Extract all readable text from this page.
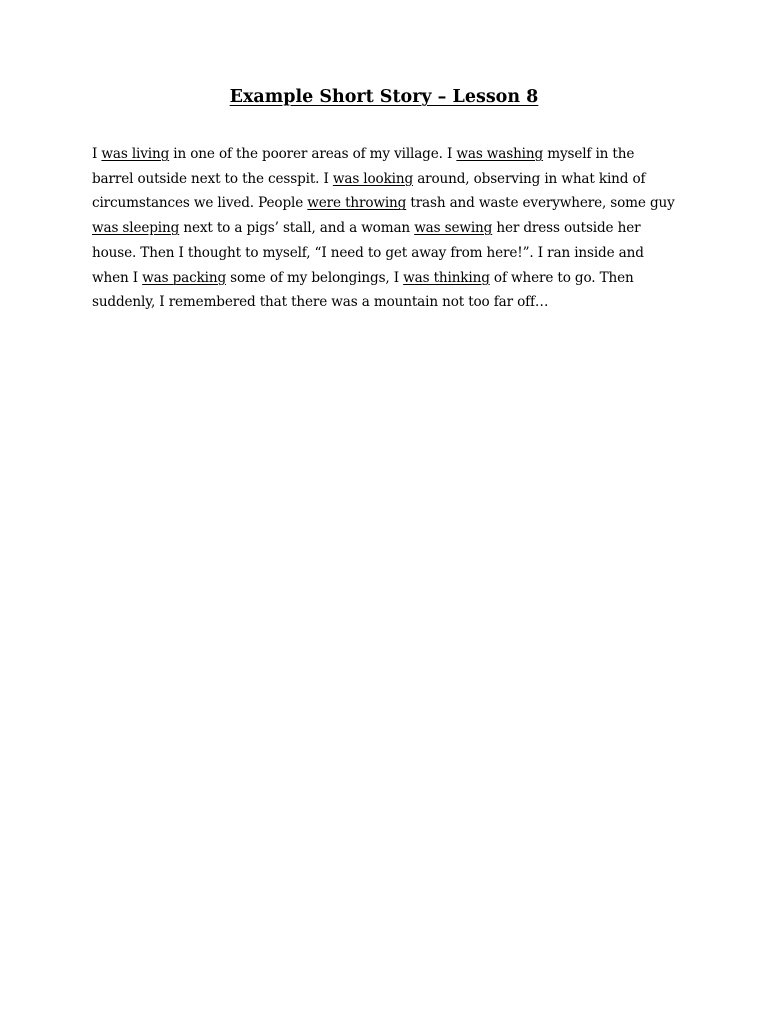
Example Short Story – Lesson 8

I was living in one of the poorer areas of my village. I was washing myself in the
barrel outside next to the cesspit. I was looking around, observing in what kind of
circumstances we lived. People were throwing trash and waste everywhere, some guy
was sleeping next to a pigs’ stall, and a woman was sewing her dress outside her
house. Then I thought to myself, “I need to get away from here!”. I ran inside and
when I was packing some of my belongings, I was thinking of where to go. Then
suddenly, I remembered that there was a mountain not too far off…
